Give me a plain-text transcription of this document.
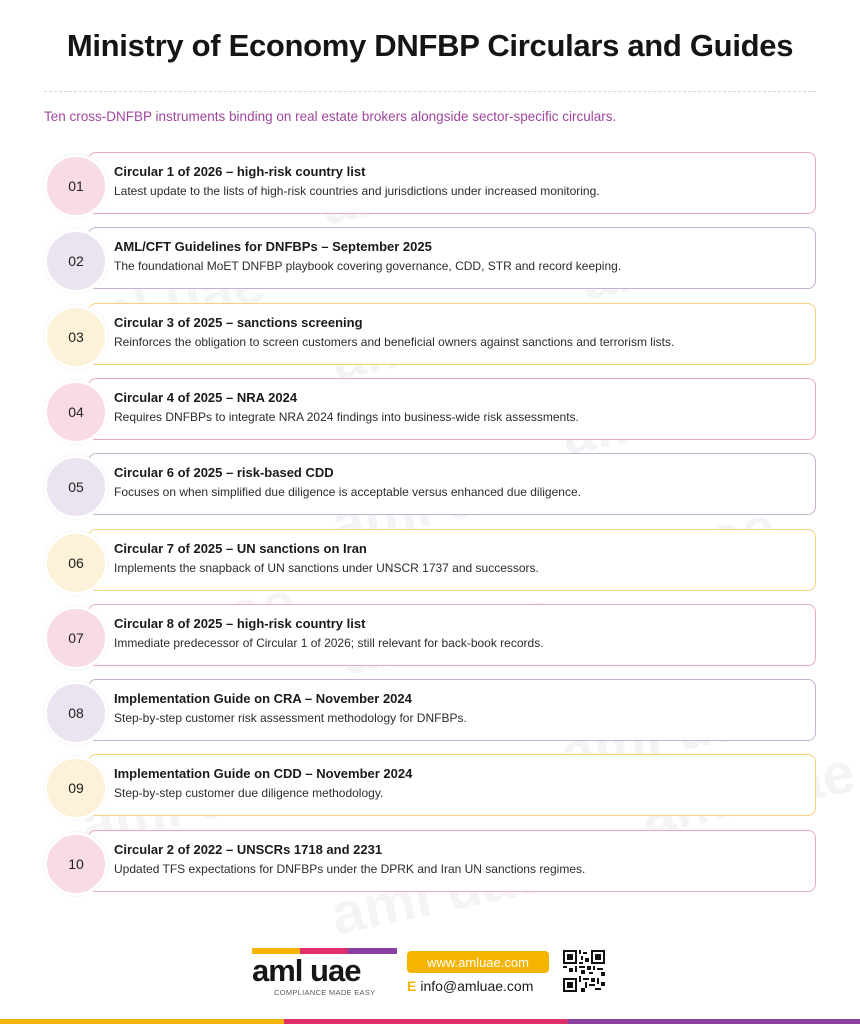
Ministry of Economy DNFBP Circulars and Guides
Ten cross-DNFBP instruments binding on real estate brokers alongside sector-specific circulars.
01
Circular 1 of 2026 – high-risk country list
Latest update to the lists of high-risk countries and jurisdictions under increased monitoring.
02
AML/CFT Guidelines for DNFBPs – September 2025
The foundational MoET DNFBP playbook covering governance, CDD, STR and record keeping.
03
Circular 3 of 2025 – sanctions screening
Reinforces the obligation to screen customers and beneficial owners against sanctions and terrorism lists.
04
Circular 4 of 2025 – NRA 2024
Requires DNFBPs to integrate NRA 2024 findings into business-wide risk assessments.
05
Circular 6 of 2025 – risk-based CDD
Focuses on when simplified due diligence is acceptable versus enhanced due diligence.
06
Circular 7 of 2025 – UN sanctions on Iran
Implements the snapback of UN sanctions under UNSCR 1737 and successors.
07
Circular 8 of 2025 – high-risk country list
Immediate predecessor of Circular 1 of 2026; still relevant for back-book records.
08
Implementation Guide on CRA – November 2024
Step-by-step customer risk assessment methodology for DNFBPs.
09
Implementation Guide on CDD – November 2024
Step-by-step customer due diligence methodology.
10
Circular 2 of 2022 – UNSCRs 1718 and 2231
Updated TFS expectations for DNFBPs under the DPRK and Iran UN sanctions regimes.
aml uae
COMPLIANCE MADE EASY
www.amluae.com
E info@amluae.com
